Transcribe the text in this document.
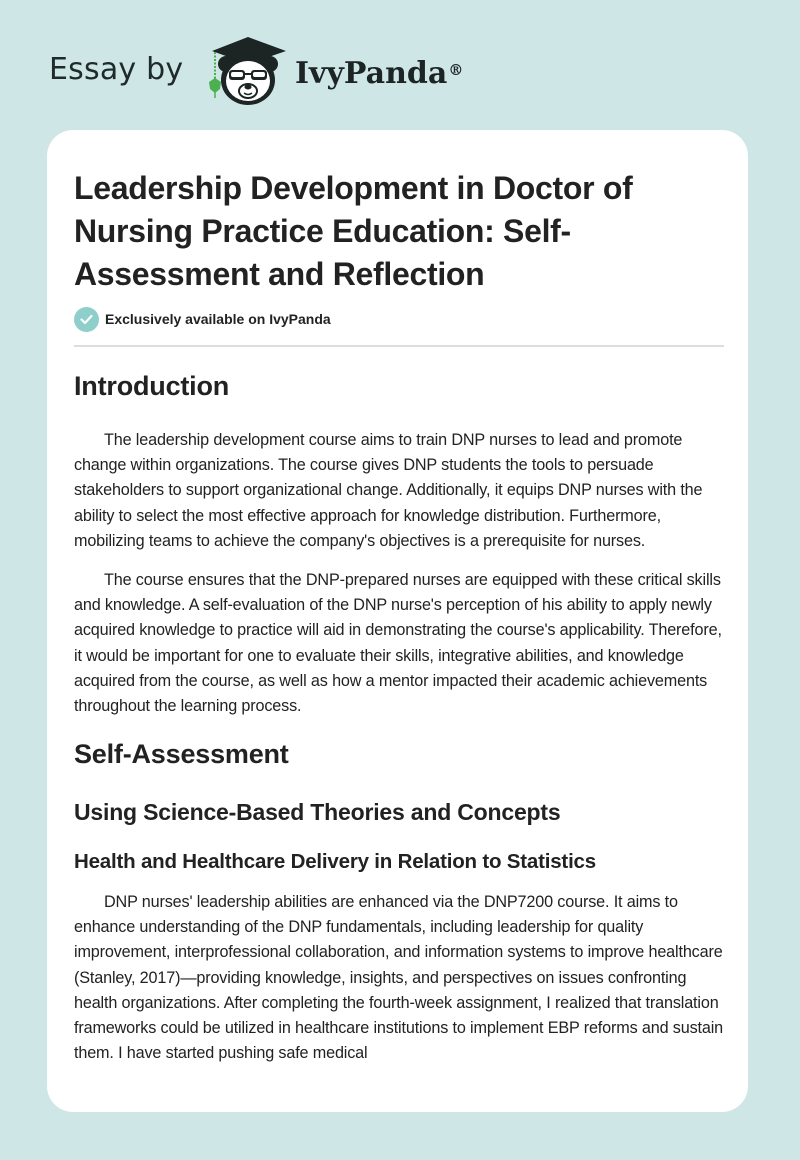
Essay by	IvyPanda®
Leadership Development in Doctor of Nursing Practice Education: Self-Assessment and Reflection
Exclusively available on IvyPanda
Introduction

The leadership development course aims to train DNP nurses to lead and promote change within organizations. The course gives DNP students the tools to persuade stakeholders to support organizational change. Additionally, it equips DNP nurses with the ability to select the most effective approach for knowledge distribution. Furthermore, mobilizing teams to achieve the company's objectives is a prerequisite for nurses.

The course ensures that the DNP-prepared nurses are equipped with these critical skills and knowledge. A self-evaluation of the DNP nurse's perception of his ability to apply newly acquired knowledge to practice will aid in demonstrating the course's applicability. Therefore, it would be important for one to evaluate their skills, integrative abilities, and knowledge acquired from the course, as well as how a mentor impacted their academic achievements throughout the learning process.

Self-Assessment
Using Science-Based Theories and Concepts
Health and Healthcare Delivery in Relation to Statistics

DNP nurses' leadership abilities are enhanced via the DNP7200 course. It aims to enhance understanding of the DNP fundamentals, including leadership for quality improvement, interprofessional collaboration, and information systems to improve healthcare (Stanley, 2017)—providing knowledge, insights, and perspectives on issues confronting health organizations. After completing the fourth-week assignment, I realized that translation frameworks could be utilized in healthcare institutions to implement EBP reforms and sustain them. I have started pushing safe medical
